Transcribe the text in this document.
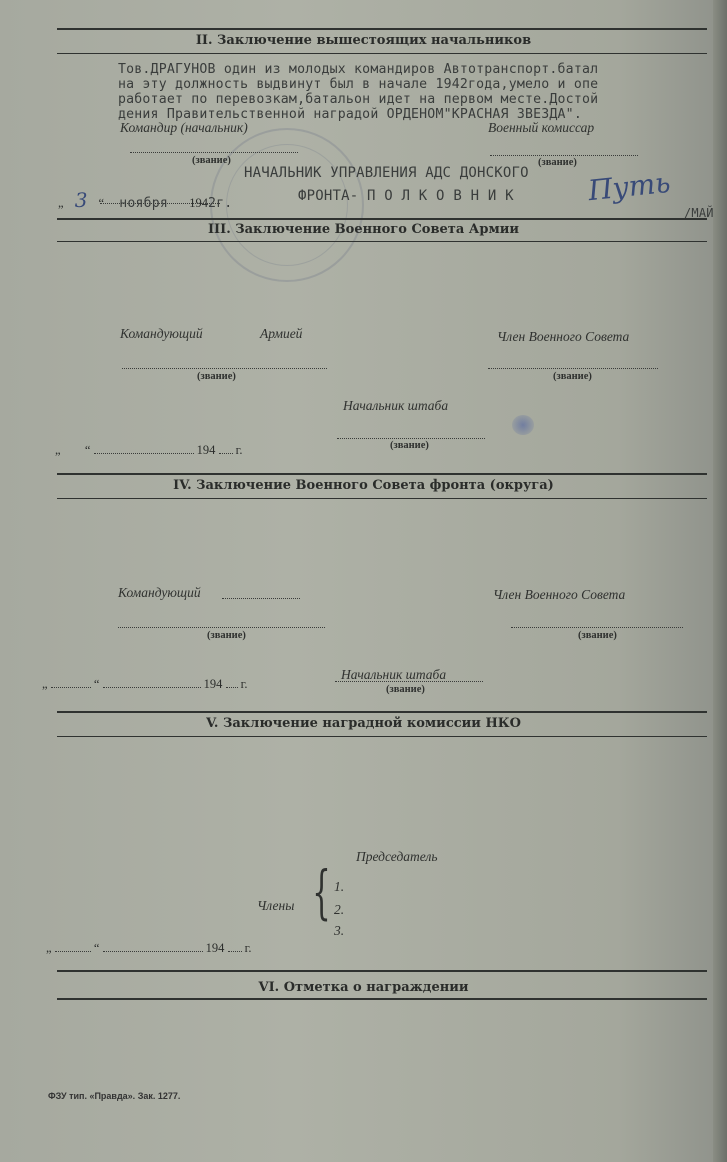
II. Заключение вышестоящих начальников
Тов.ДРАГУНОВ один из молодых командиров Автотранспорт.батал
на эту должность выдвинут был в начале 1942года,умело и опе
работает по перевозкам,батальон идет на первом месте.Достой
дения Правительственной наградой ОРДЕНОМ"КРАСНАЯ ЗВЕЗДА".
Командир (начальник)	Военный комиссар
(звание)	(звание)
НАЧАЛЬНИК УПРАВЛЕНИЯ АДС ДОНСКОГО
„ 3 “ ноября 1942г.	ФРОНТА- П О Л К О В Н И К	Путь
/МАЙ
III. Заключение Военного Совета Армии
Командующий	Армией	Член Военного Совета
(звание)	(звание)
Начальник штаба
(звание)
„ “	194 г.
IV. Заключение Военного Совета фронта (округа)
Командующий	Член Военного Совета
(звание)	(звание)
Начальник штаба
(звание)
„	“	194 г.
V. Заключение наградной комиссии НКО
Председатель
Члены { 1.
2.
3.
„	“	194 г.
VI. Отметка о награждении
ФЗУ тип. «Правда». Зак. 1277.
